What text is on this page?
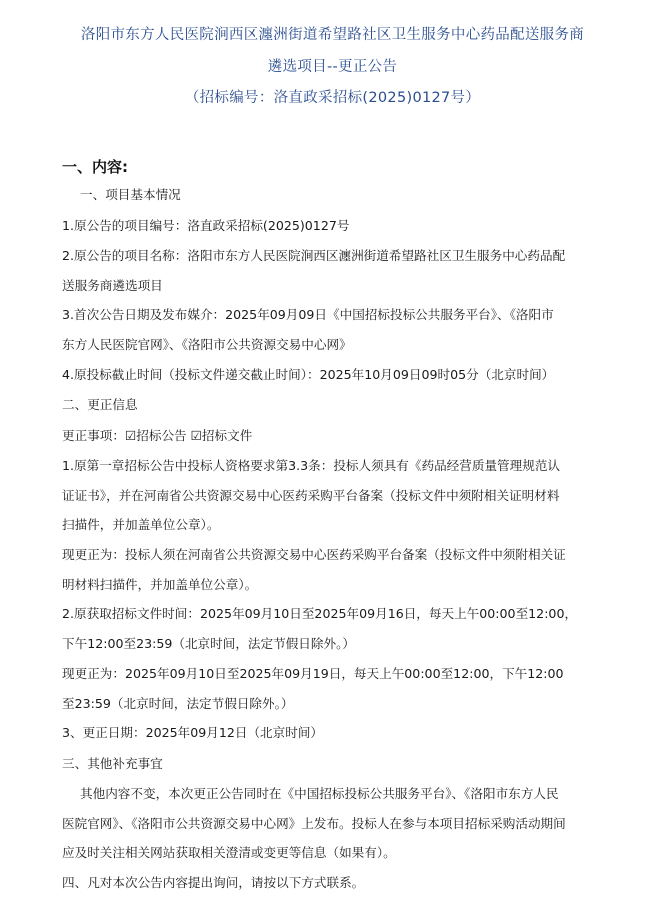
洛阳市东方人民医院涧西区瀍洲街道希望路社区卫生服务中心药品配送服务商
遴选项目--更正公告
（招标编号：洛直政采招标(2025)0127号）
一、内容:
一、项目基本情况
1.原公告的项目编号：洛直政采招标(2025)0127号
2.原公告的项目名称：洛阳市东方人民医院涧西区瀍洲街道希望路社区卫生服务中心药品配
送服务商遴选项目
3.首次公告日期及发布媒介：2025年09月09日《中国招标投标公共服务平台》、《洛阳市
东方人民医院官网》、《洛阳市公共资源交易中心网》
4.原投标截止时间（投标文件递交截止时间）：2025年10月09日09时05分（北京时间）
二、更正信息
更正事项：☑招标公告 ☑招标文件
1.原第一章招标公告中投标人资格要求第3.3条：投标人须具有《药品经营质量管理规范认
证证书》，并在河南省公共资源交易中心医药采购平台备案（投标文件中须附相关证明材料
扫描件，并加盖单位公章）。
现更正为：投标人须在河南省公共资源交易中心医药采购平台备案（投标文件中须附相关证
明材料扫描件，并加盖单位公章）。
2.原获取招标文件时间：2025年09月10日至2025年09月16日，每天上午00:00至12:00，
下午12:00至23:59（北京时间，法定节假日除外。）
现更正为：2025年09月10日至2025年09月19日，每天上午00:00至12:00，下午12:00
至23:59（北京时间，法定节假日除外。）
3、更正日期：2025年09月12日（北京时间）
三、其他补充事宜
其他内容不变，本次更正公告同时在《中国招标投标公共服务平台》、《洛阳市东方人民
医院官网》、《洛阳市公共资源交易中心网》上发布。投标人在参与本项目招标采购活动期间
应及时关注相关网站获取相关澄清或变更等信息（如果有）。
四、凡对本次公告内容提出询问，请按以下方式联系。
